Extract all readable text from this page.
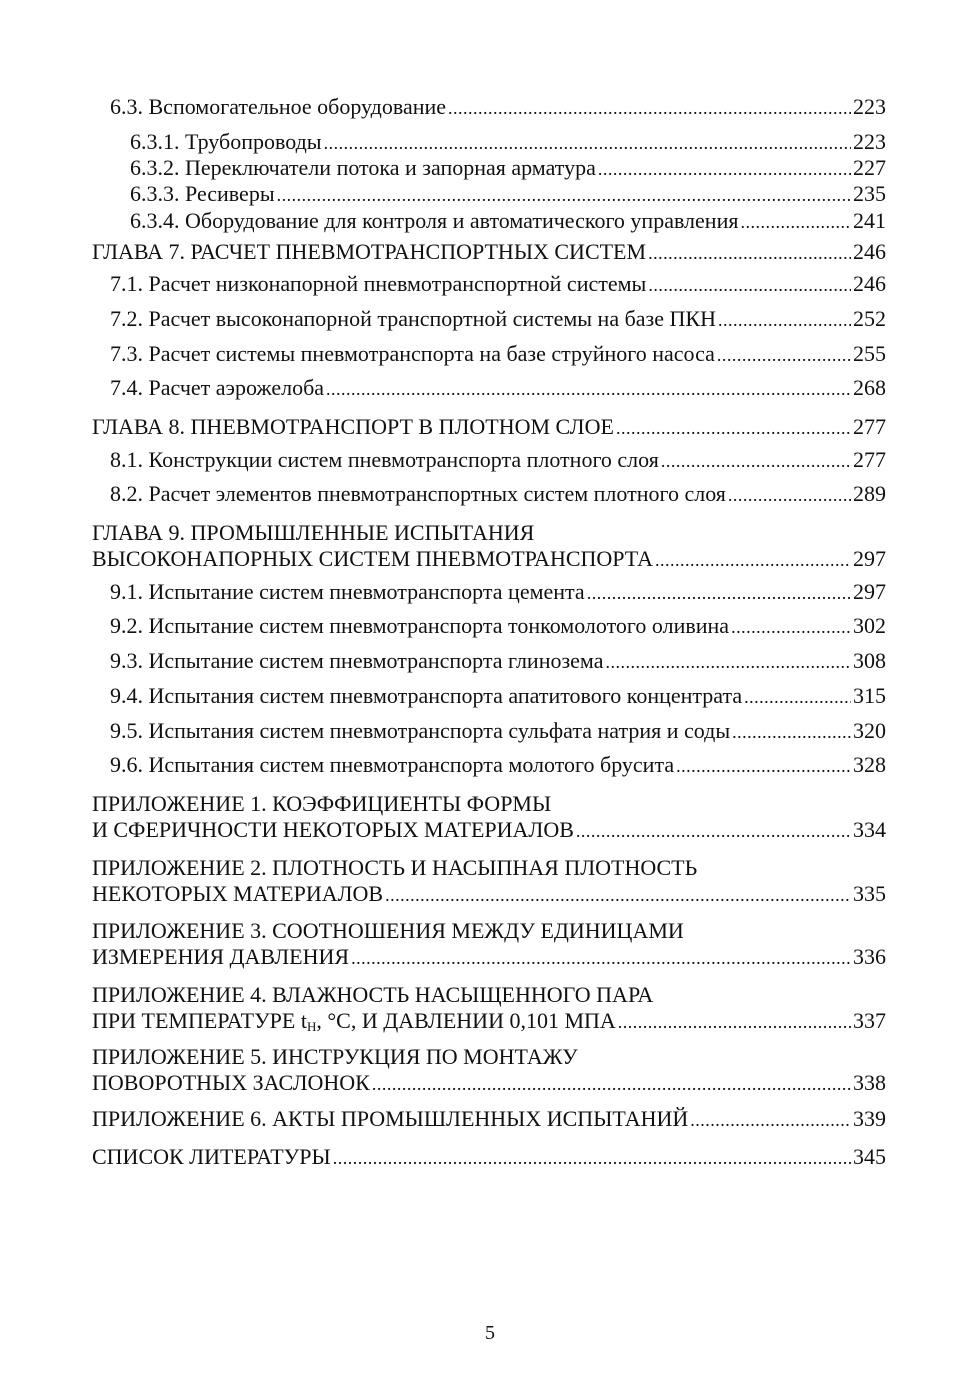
6.3. Вспомогательное оборудование . . .	223
6.3.1. Трубопроводы . . .	223
6.3.2. Переключатели потока и запорная арматура . . .	227
6.3.3. Ресиверы . . .	235
6.3.4. Оборудование для контроля и автоматического управления . . .	241
ГЛАВА 7. РАСЧЕТ ПНЕВМОТРАНСПОРТНЫХ СИСТЕМ . . .	246
7.1. Расчет низконапорной пневмотранспортной системы . . .	246
7.2. Расчет высоконапорной транспортной системы на базе ПКН . . .	252
7.3. Расчет системы пневмотранспорта на базе струйного насоса . . .	255
7.4. Расчет аэрожелоба . . .	268
ГЛАВА 8. ПНЕВМОТРАНСПОРТ В ПЛОТНОМ СЛОЕ . . .	277
8.1. Конструкции систем пневмотранспорта плотного слоя . . .	277
8.2. Расчет элементов пневмотранспортных систем плотного слоя . . .	289
ГЛАВА 9. ПРОМЫШЛЕННЫЕ ИСПЫТАНИЯ
ВЫСОКОНАПОРНЫХ СИСТЕМ ПНЕВМОТРАНСПОРТА . . .	297
9.1. Испытание систем пневмотранспорта цемента . . .	297
9.2. Испытание систем пневмотранспорта тонкомолотого оливина . . .	302
9.3. Испытание систем пневмотранспорта глинозема . . .	308
9.4. Испытания систем пневмотранспорта апатитового концентрата . . .	315
9.5. Испытания систем пневмотранспорта сульфата натрия и соды . . .	320
9.6. Испытания систем пневмотранспорта молотого брусита . . .	328
ПРИЛОЖЕНИЕ 1. КОЭФФИЦИЕНТЫ ФОРМЫ
И СФЕРИЧНОСТИ НЕКОТОРЫХ МАТЕРИАЛОВ . . .	334
ПРИЛОЖЕНИЕ 2. ПЛОТНОСТЬ И НАСЫПНАЯ ПЛОТНОСТЬ
НЕКОТОРЫХ МАТЕРИАЛОВ . . .	335
ПРИЛОЖЕНИЕ 3. СООТНОШЕНИЯ МЕЖДУ ЕДИНИЦАМИ
ИЗМЕРЕНИЯ ДАВЛЕНИЯ . . .	336
ПРИЛОЖЕНИЕ 4. ВЛАЖНОСТЬ НАСЫЩЕННОГО ПАРА
ПРИ ТЕМПЕРАТУРЕ $t_Н$, °С, И ДАВЛЕНИИ 0,101 МПА . . .	337
ПРИЛОЖЕНИЕ 5. ИНСТРУКЦИЯ ПО МОНТАЖУ
ПОВОРОТНЫХ ЗАСЛОНОК . . .	338
ПРИЛОЖЕНИЕ 6. АКТЫ ПРОМЫШЛЕННЫХ ИСПЫТАНИЙ . . .	339
СПИСОК ЛИТЕРАТУРЫ . . .	345
5
